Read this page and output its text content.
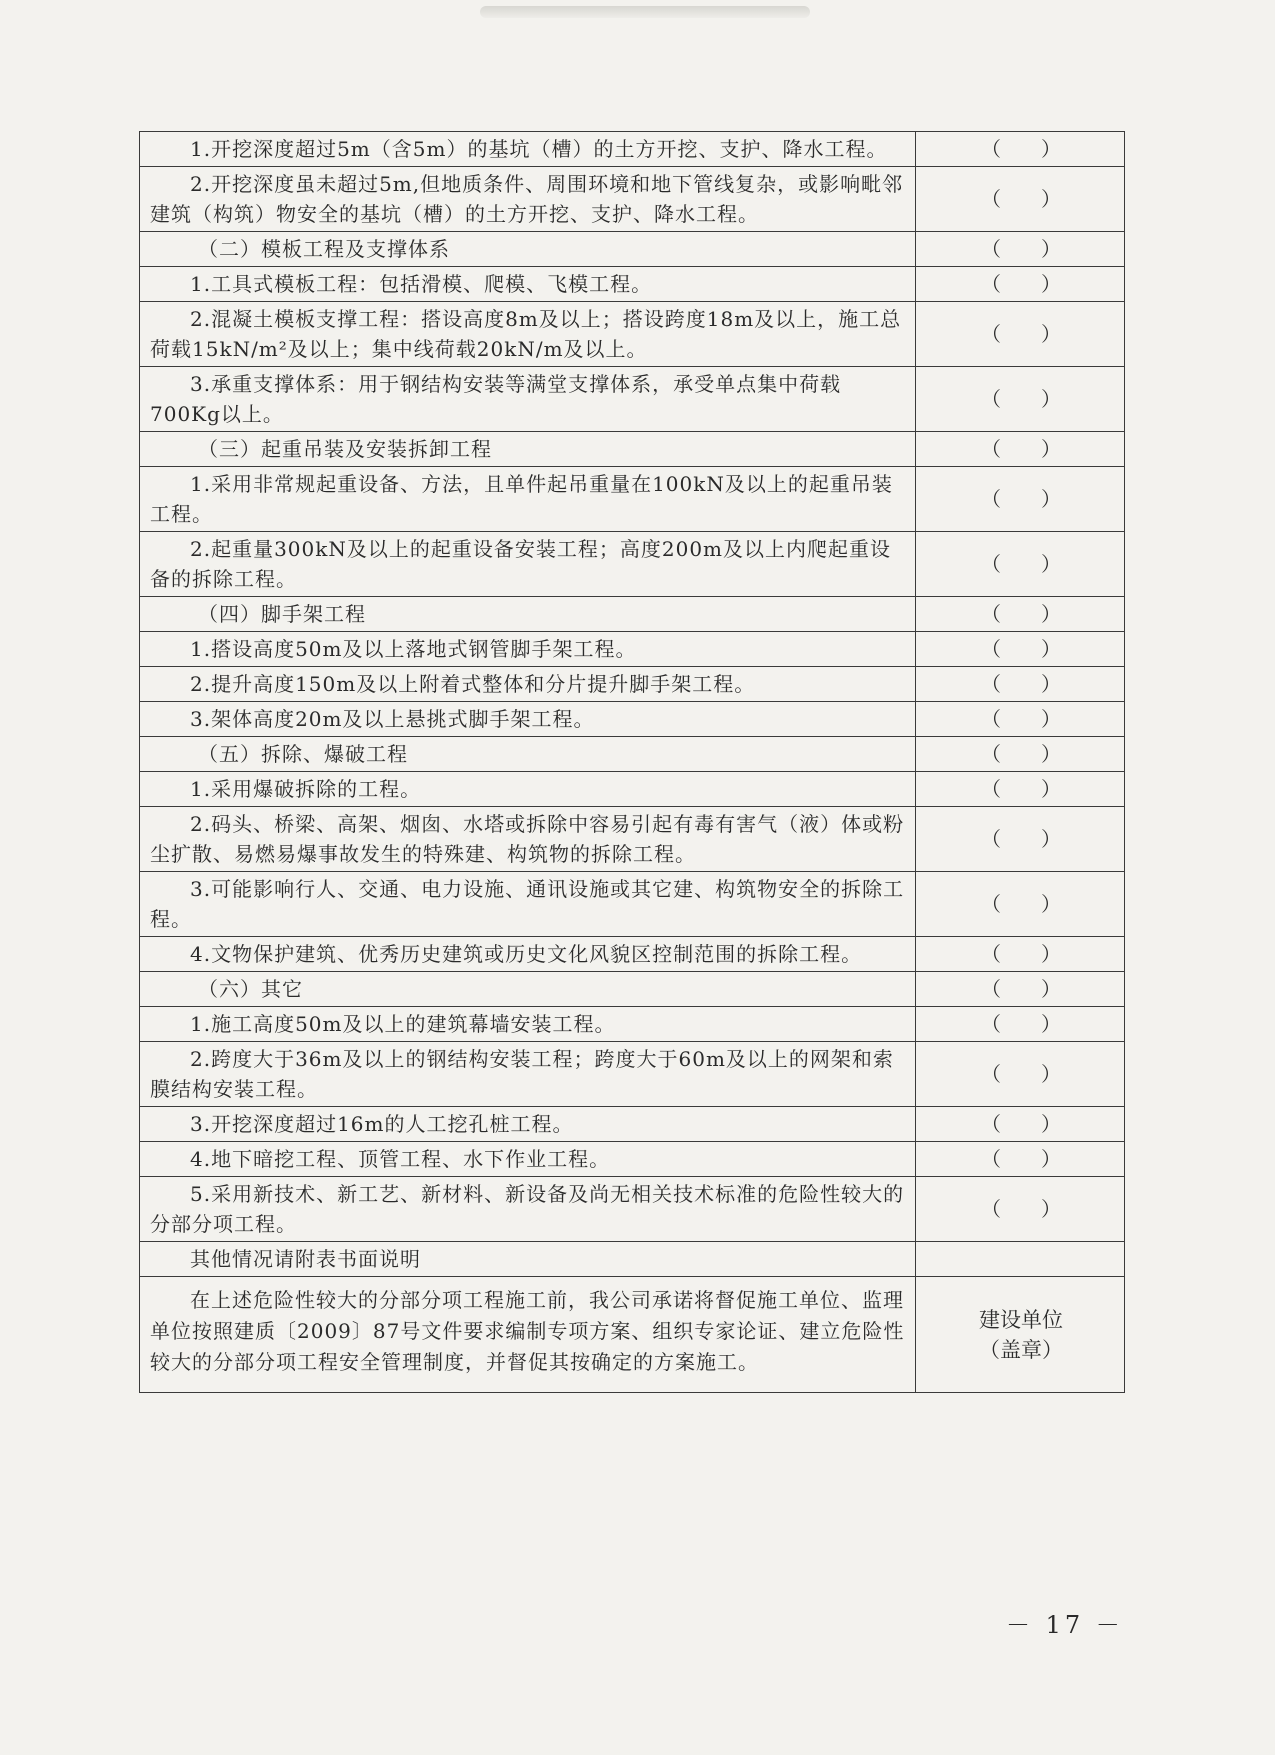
1.开挖深度超过5m（含5m）的基坑（槽）的土方开挖、支护、降水工程。	（　　）
2.开挖深度虽未超过5m,但地质条件、周围环境和地下管线复杂，或影响毗邻建筑（构筑）物安全的基坑（槽）的土方开挖、支护、降水工程。	（　　）
（二）模板工程及支撑体系	（　　）
1.工具式模板工程：包括滑模、爬模、飞模工程。	（　　）
2.混凝土模板支撑工程：搭设高度8m及以上；搭设跨度18m及以上，施工总荷载15kN/m²及以上；集中线荷载20kN/m及以上。	（　　）
3.承重支撑体系：用于钢结构安装等满堂支撑体系，承受单点集中荷载700Kg以上。	（　　）
（三）起重吊装及安装拆卸工程	（　　）
1.采用非常规起重设备、方法，且单件起吊重量在100kN及以上的起重吊装工程。	（　　）
2.起重量300kN及以上的起重设备安装工程；高度200m及以上内爬起重设备的拆除工程。	（　　）
（四）脚手架工程	（　　）
1.搭设高度50m及以上落地式钢管脚手架工程。	（　　）
2.提升高度150m及以上附着式整体和分片提升脚手架工程。	（　　）
3.架体高度20m及以上悬挑式脚手架工程。	（　　）
（五）拆除、爆破工程	（　　）
1.采用爆破拆除的工程。	（　　）
2.码头、桥梁、高架、烟囱、水塔或拆除中容易引起有毒有害气（液）体或粉尘扩散、易燃易爆事故发生的特殊建、构筑物的拆除工程。	（　　）
3.可能影响行人、交通、电力设施、通讯设施或其它建、构筑物安全的拆除工程。	（　　）
4.文物保护建筑、优秀历史建筑或历史文化风貌区控制范围的拆除工程。	（　　）
（六）其它	（　　）
1.施工高度50m及以上的建筑幕墙安装工程。	（　　）
2.跨度大于36m及以上的钢结构安装工程；跨度大于60m及以上的网架和索膜结构安装工程。	（　　）
3.开挖深度超过16m的人工挖孔桩工程。	（　　）
4.地下暗挖工程、顶管工程、水下作业工程。	（　　）
5.采用新技术、新工艺、新材料、新设备及尚无相关技术标准的危险性较大的分部分项工程。	（　　）
其他情况请附表书面说明	
在上述危险性较大的分部分项工程施工前，我公司承诺将督促施工单位、监理单位按照建质〔2009〕87号文件要求编制专项方案、组织专家论证、建立危险性较大的分部分项工程安全管理制度，并督促其按确定的方案施工。	建设单位
（盖章）
－ 17 －
